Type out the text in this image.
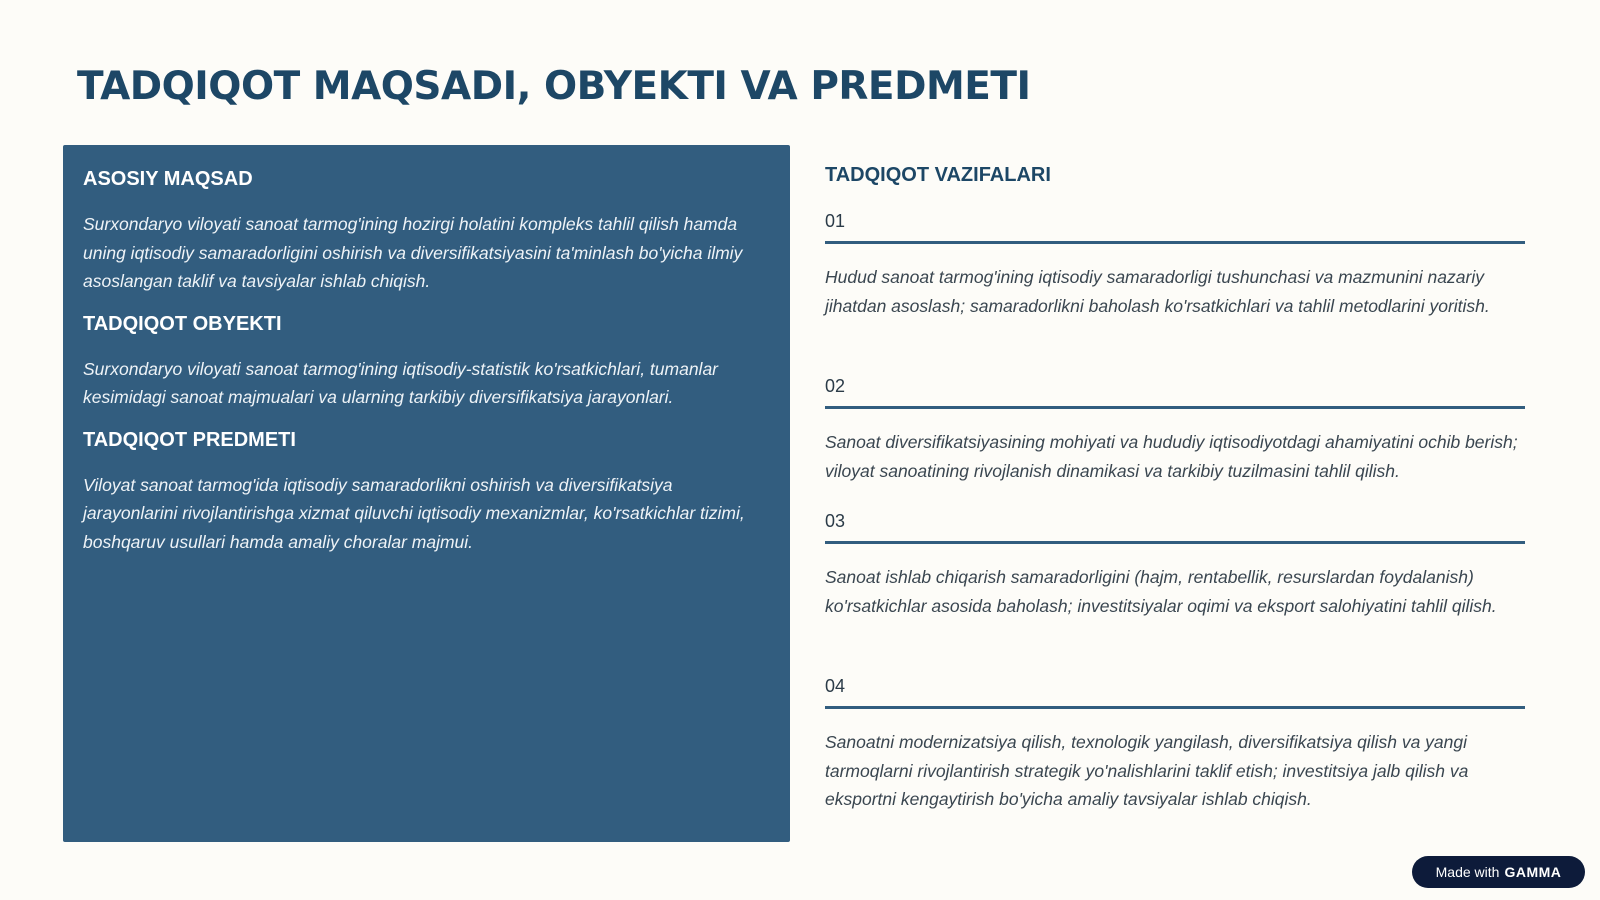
TADQIQOT MAQSADI, OBYEKTI VA PREDMETI
ASOSIY MAQSAD

Surxondaryo viloyati sanoat tarmog'ining hozirgi holatini kompleks tahlil qilish hamda uning iqtisodiy samaradorligini oshirish va diversifikatsiyasini ta'minlash bo'yicha ilmiy asoslangan taklif va tavsiyalar ishlab chiqish.

TADQIQOT OBYEKTI

Surxondaryo viloyati sanoat tarmog'ining iqtisodiy-statistik ko'rsatkichlari, tumanlar kesimidagi sanoat majmualari va ularning tarkibiy diversifikatsiya jarayonlari.

TADQIQOT PREDMETI

Viloyat sanoat tarmog'ida iqtisodiy samaradorlikni oshirish va diversifikatsiya jarayonlarini rivojlantirishga xizmat qiluvchi iqtisodiy mexanizmlar, ko'rsatkichlar tizimi, boshqaruv usullari hamda amaliy choralar majmui.

TADQIQOT VAZIFALARI
01

Hudud sanoat tarmog'ining iqtisodiy samaradorligi tushunchasi va mazmunini nazariy jihatdan asoslash; samaradorlikni baholash ko'rsatkichlari va tahlil metodlarini yoritish.

02

Sanoat diversifikatsiyasining mohiyati va hududiy iqtisodiyotdagi ahamiyatini ochib berish; viloyat sanoatining rivojlanish dinamikasi va tarkibiy tuzilmasini tahlil qilish.

03

Sanoat ishlab chiqarish samaradorligini (hajm, rentabellik, resurslardan foydalanish) ko'rsatkichlar asosida baholash; investitsiyalar oqimi va eksport salohiyatini tahlil qilish.

04

Sanoatni modernizatsiya qilish, texnologik yangilash, diversifikatsiya qilish va yangi tarmoqlarni rivojlantirish strategik yo'nalishlarini taklif etish; investitsiya jalb qilish va eksportni kengaytirish bo'yicha amaliy tavsiyalar ishlab chiqish.

Made with GAMMA
